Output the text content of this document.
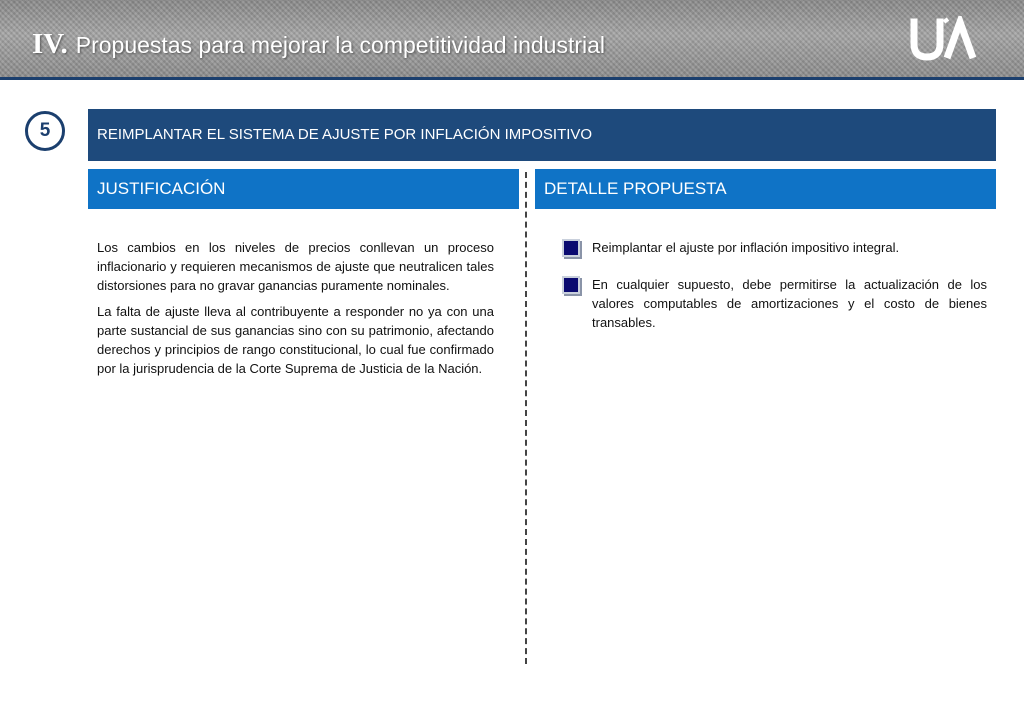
IV. Propuestas para mejorar la competitividad industrial
5	REIMPLANTAR EL SISTEMA DE AJUSTE POR INFLACIÓN IMPOSITIVO
JUSTIFICACIÓN	DETALLE PROPUESTA

Los cambios en los niveles de precios conllevan un proceso inflacionario y requieren mecanismos de ajuste que neutralicen tales distorsiones para no gravar ganancias puramente nominales.

La falta de ajuste lleva al contribuyente a responder no ya con una parte sustancial de sus ganancias sino con su patrimonio, afectando derechos y principios de rango constitucional, lo cual fue confirmado por la jurisprudencia de la Corte Suprema de Justicia de la Nación.

Reimplantar el ajuste por inflación impositivo integral.
En cualquier supuesto, debe permitirse la actualización de los valores computables de amortizaciones y el costo de bienes transables.
